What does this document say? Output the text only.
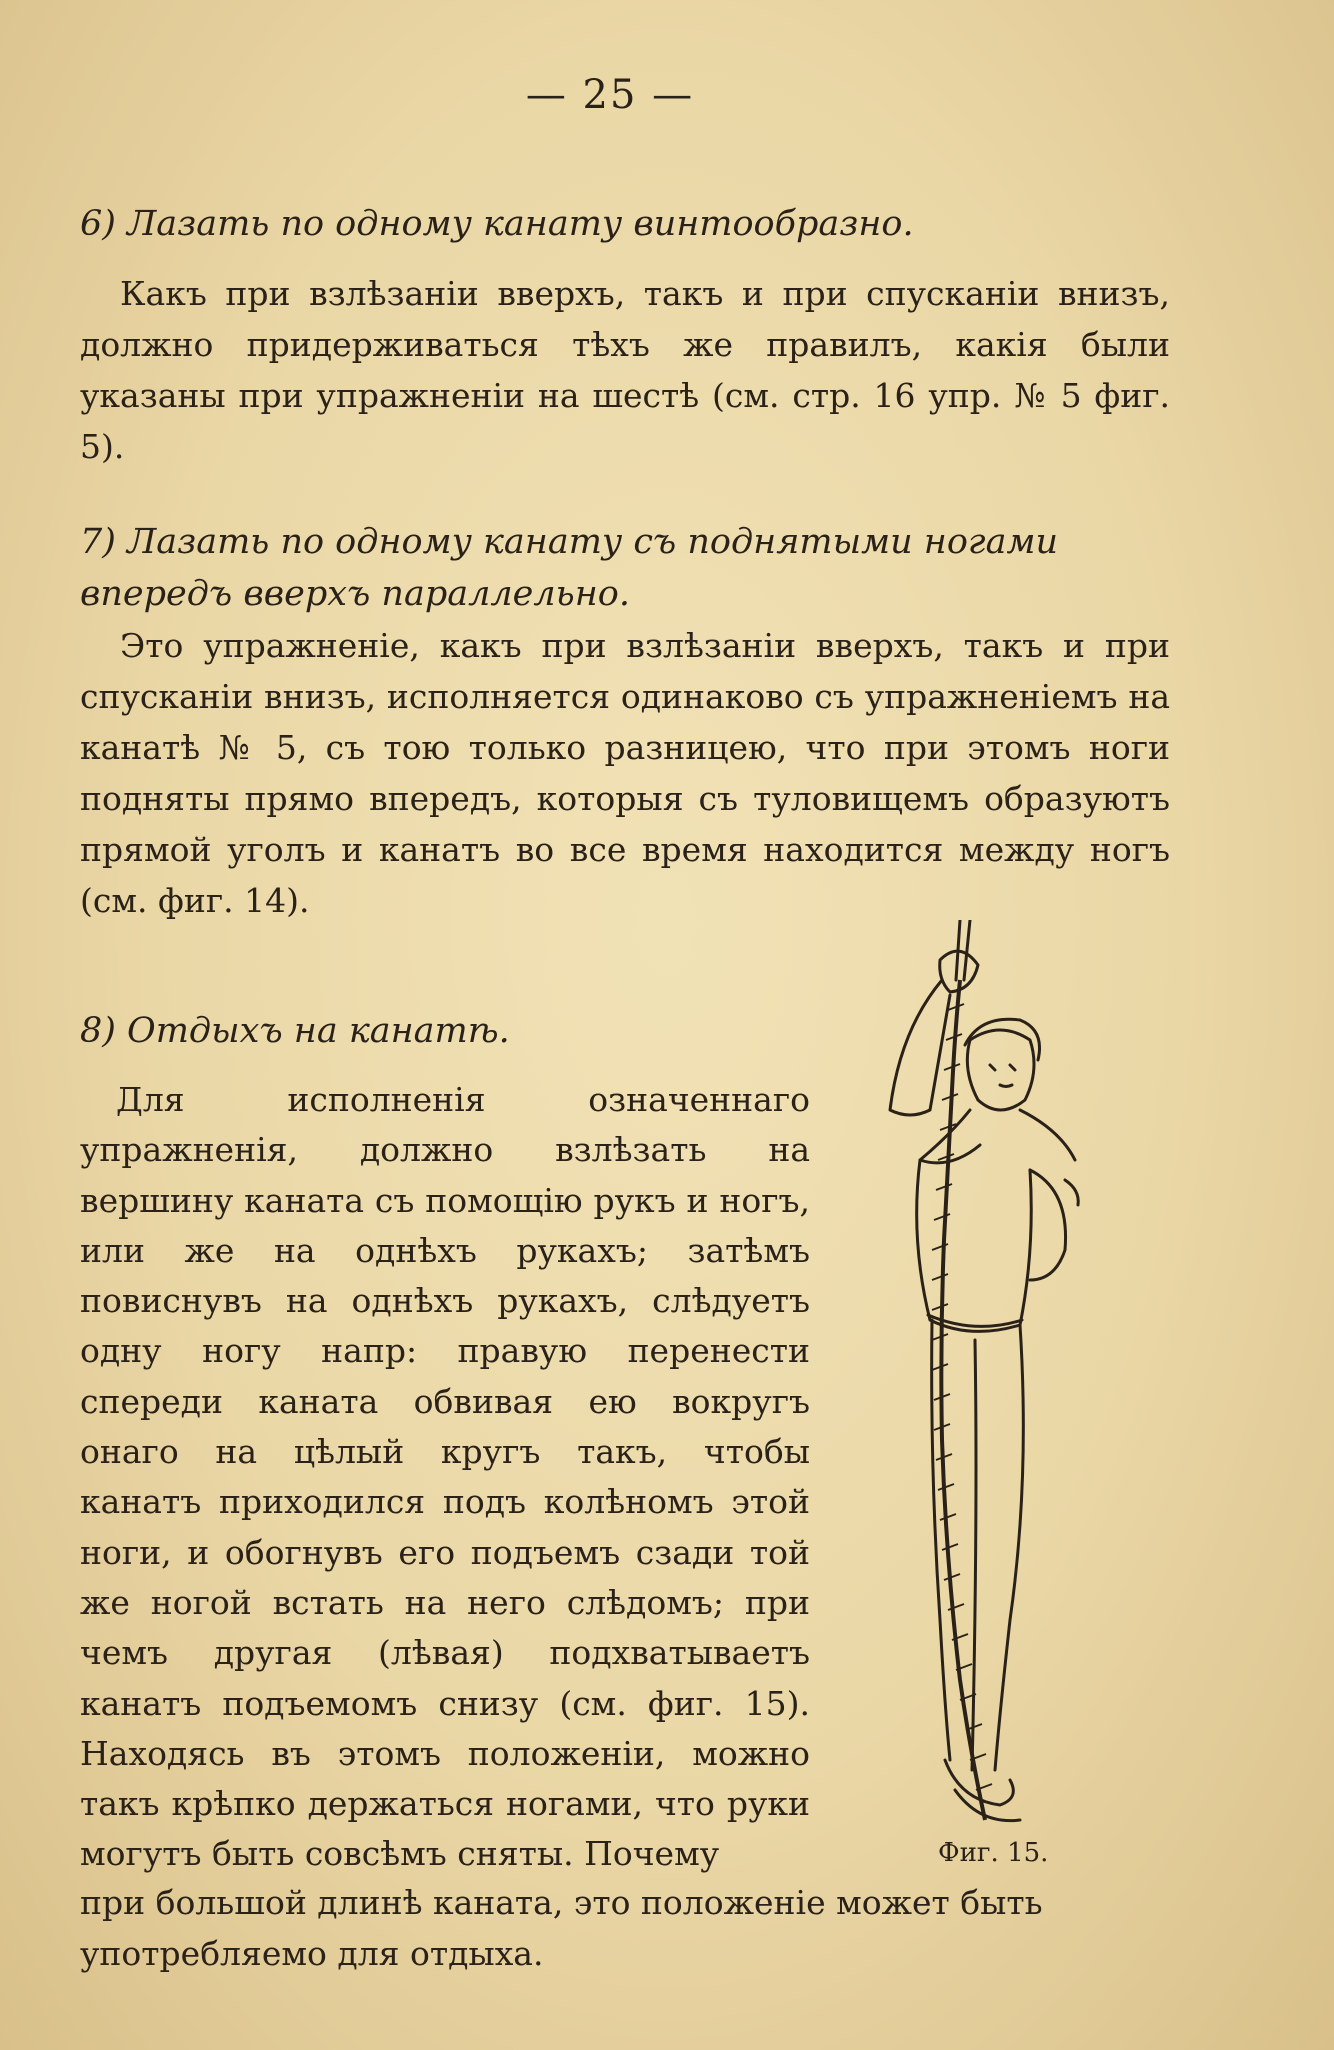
— 25 —
6) Лазать по одному канату винтообразно.
Какъ при взлѣзаніи вверхъ, такъ и при спусканіи внизъ, должно придерживаться тѣхъ же правилъ, какія были указаны при упражненіи на шестѣ (см. стр. 16 упр. № 5 фиг. 5).
7) Лазать по одному канату съ поднятыми ногами впередъ вверхъ параллельно.
Это упражненіе, какъ при взлѣзаніи вверхъ, такъ и при спусканіи внизъ, исполняется одинаково съ упражненіемъ на канатѣ № 5, съ тою только разницею, что при этомъ ноги подняты прямо впередъ, которыя съ туловищемъ образуютъ прямой уголъ и канатъ во все время находится между ногъ (см. фиг. 14).
8) Отдыхъ на канатѣ.
Для исполненія означеннаго упражненія, должно взлѣзать на вершину каната съ помощію рукъ и ногъ, или же на однѣхъ рукахъ; затѣмъ повиснувъ на однѣхъ рукахъ, слѣдуетъ одну ногу напр: правую перенести спереди каната обвивая ею вокругъ онаго на цѣлый кругъ такъ, чтобы канатъ приходился подъ колѣномъ этой ноги, и обогнувъ его подъемъ сзади той же ногой встать на него слѣдомъ; при чемъ другая (лѣвая) подхватываетъ канатъ подъемомъ снизу (см. фиг. 15). Находясь въ этомъ положеніи, можно такъ крѣпко держаться ногами, что руки могутъ быть совсѣмъ сняты. Почему
при большой длинѣ каната, это положеніе может быть употребляемо для отдыха.
Фиг. 15.
